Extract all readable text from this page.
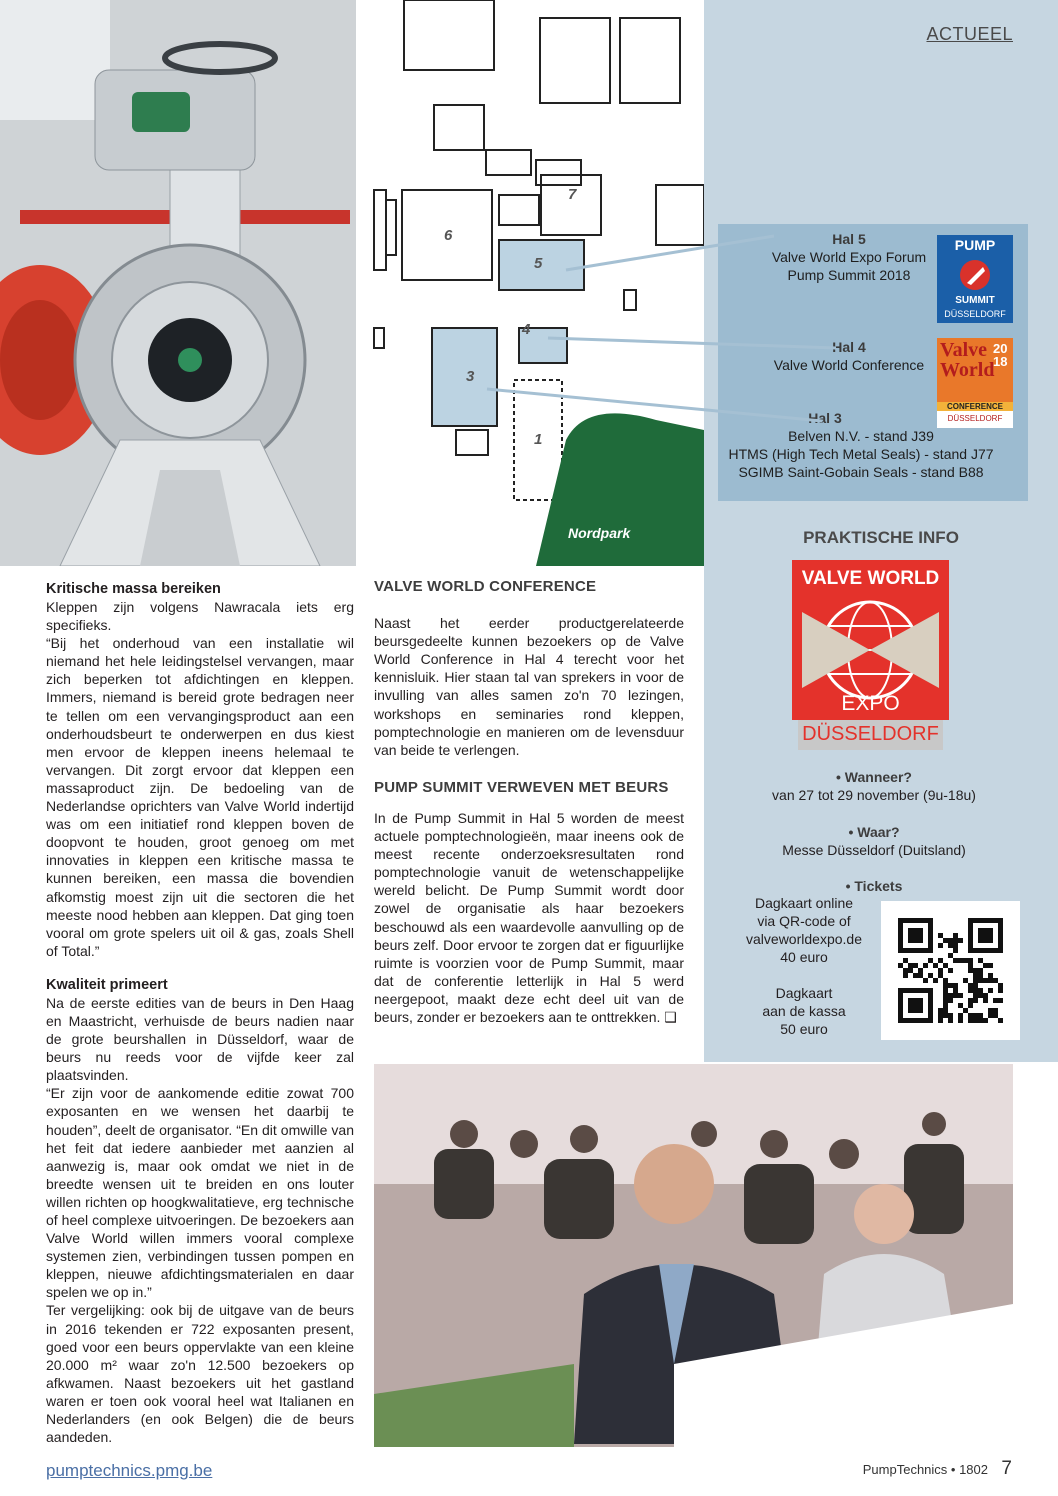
1
3
4
5
6
7
Nordpark
ACTUEEL
Hal 5
Valve World Expo Forum
Pump Summit 2018
Hal 4
Valve World Conference
Hal 3
Belven N.V. - stand J39
HTMS (High Tech Metal Seals) - stand J77
SGIMB Saint-Gobain Seals - stand B88
PUMP
SUMMIT
DÜSSELDORF
Valve
World
2018
CONFERENCE
DÜSSELDORF
PRAKTISCHE INFO
VALVE WORLD
EXPO
DÜSSELDORF
• Wanneer?
van 27 tot 29 november (9u-18u)
• Waar?
Messe Düsseldorf (Duitsland)
• Tickets
Dagkaart online
via QR-code of
valveworldexpo.de
40 euro
Dagkaart
aan de kassa
50 euro
Kritische massa bereiken

Kleppen zijn volgens Nawracala iets erg specifieks.

“Bij het onderhoud van een installatie wil niemand het hele leidingstelsel vervangen, maar zich beperken tot afdichtingen en kleppen. Immers, niemand is bereid grote bedragen neer te tellen om een vervangingsproduct aan een onderhoudsbeurt te onderwerpen en dus kiest men ervoor de kleppen ineens helemaal te vervangen. Dit zorgt ervoor dat kleppen een massaproduct zijn. De bedoeling van de Nederlandse oprichters van Valve World indertijd was om een initiatief rond kleppen boven de doopvont te houden, groot genoeg om met innovaties in kleppen een kritische massa te kunnen bereiken, een massa die bovendien afkomstig moest zijn uit die sectoren die het meeste nood hebben aan kleppen. Dat ging toen vooral om grote spelers uit oil & gas, zoals Shell of Total.”

Kwaliteit primeert

Na de eerste edities van de beurs in Den Haag en Maastricht, verhuisde de beurs nadien naar de grote beurshallen in Düsseldorf, waar de beurs nu reeds voor de vijfde keer zal plaatsvinden.

“Er zijn voor de aankomende editie zowat 700 exposanten en we wensen het daarbij te houden”, deelt de organisator. “En dit omwille van het feit dat iedere aanbieder met aanzien al aanwezig is, maar ook omdat we niet in de breedte wensen uit te breiden en ons louter willen richten op hoogkwalitatieve, erg technische of heel complexe uitvoeringen. De bezoekers aan Valve World willen immers vooral complexe systemen zien, verbindingen tussen pompen en kleppen, nieuwe afdichtingsmaterialen en daar spelen we op in.”

Ter vergelijking: ook bij de uitgave van de beurs in 2016 tekenden er 722 exposanten present, goed voor een beurs oppervlakte van een kleine 20.000 m² waar zo'n 12.500 bezoekers op afkwamen. Naast bezoekers uit het gastland waren er toen ook vooral heel wat Italianen en Nederlanders (en ook Belgen) die de beurs aandeden.

VALVE WORLD CONFERENCE

Naast het eerder productgerelateerde beursgedeelte kunnen bezoekers op de Valve World Conference in Hal 4 terecht voor het kennisluik. Hier staan tal van sprekers in voor de invulling van alles samen zo'n 70 lezingen, workshops en seminaries rond kleppen, pomptechnologie en manieren om de levensduur van beide te verlengen.

PUMP SUMMIT VERWEVEN MET BEURS

In de Pump Summit in Hal 5 worden de meest actuele pomptechnologieën, maar ineens ook de meest recente onderzoeksresultaten rond pomptechnologie vanuit de wetenschappelijke wereld belicht. De Pump Summit wordt door zowel de organisatie als haar bezoekers beschouwd als een waardevolle aanvulling op de beurs zelf. Door ervoor te zorgen dat er figuurlijke ruimte is voorzien voor de Pump Summit, maar dat de conferentie letterlijk in Hal 5 werd neergepoot, maakt deze echt deel uit van de beurs, zonder er bezoekers aan te onttrekken. ❑

pumptechnics.pmg.be	PumpTechnics • 1802 7
